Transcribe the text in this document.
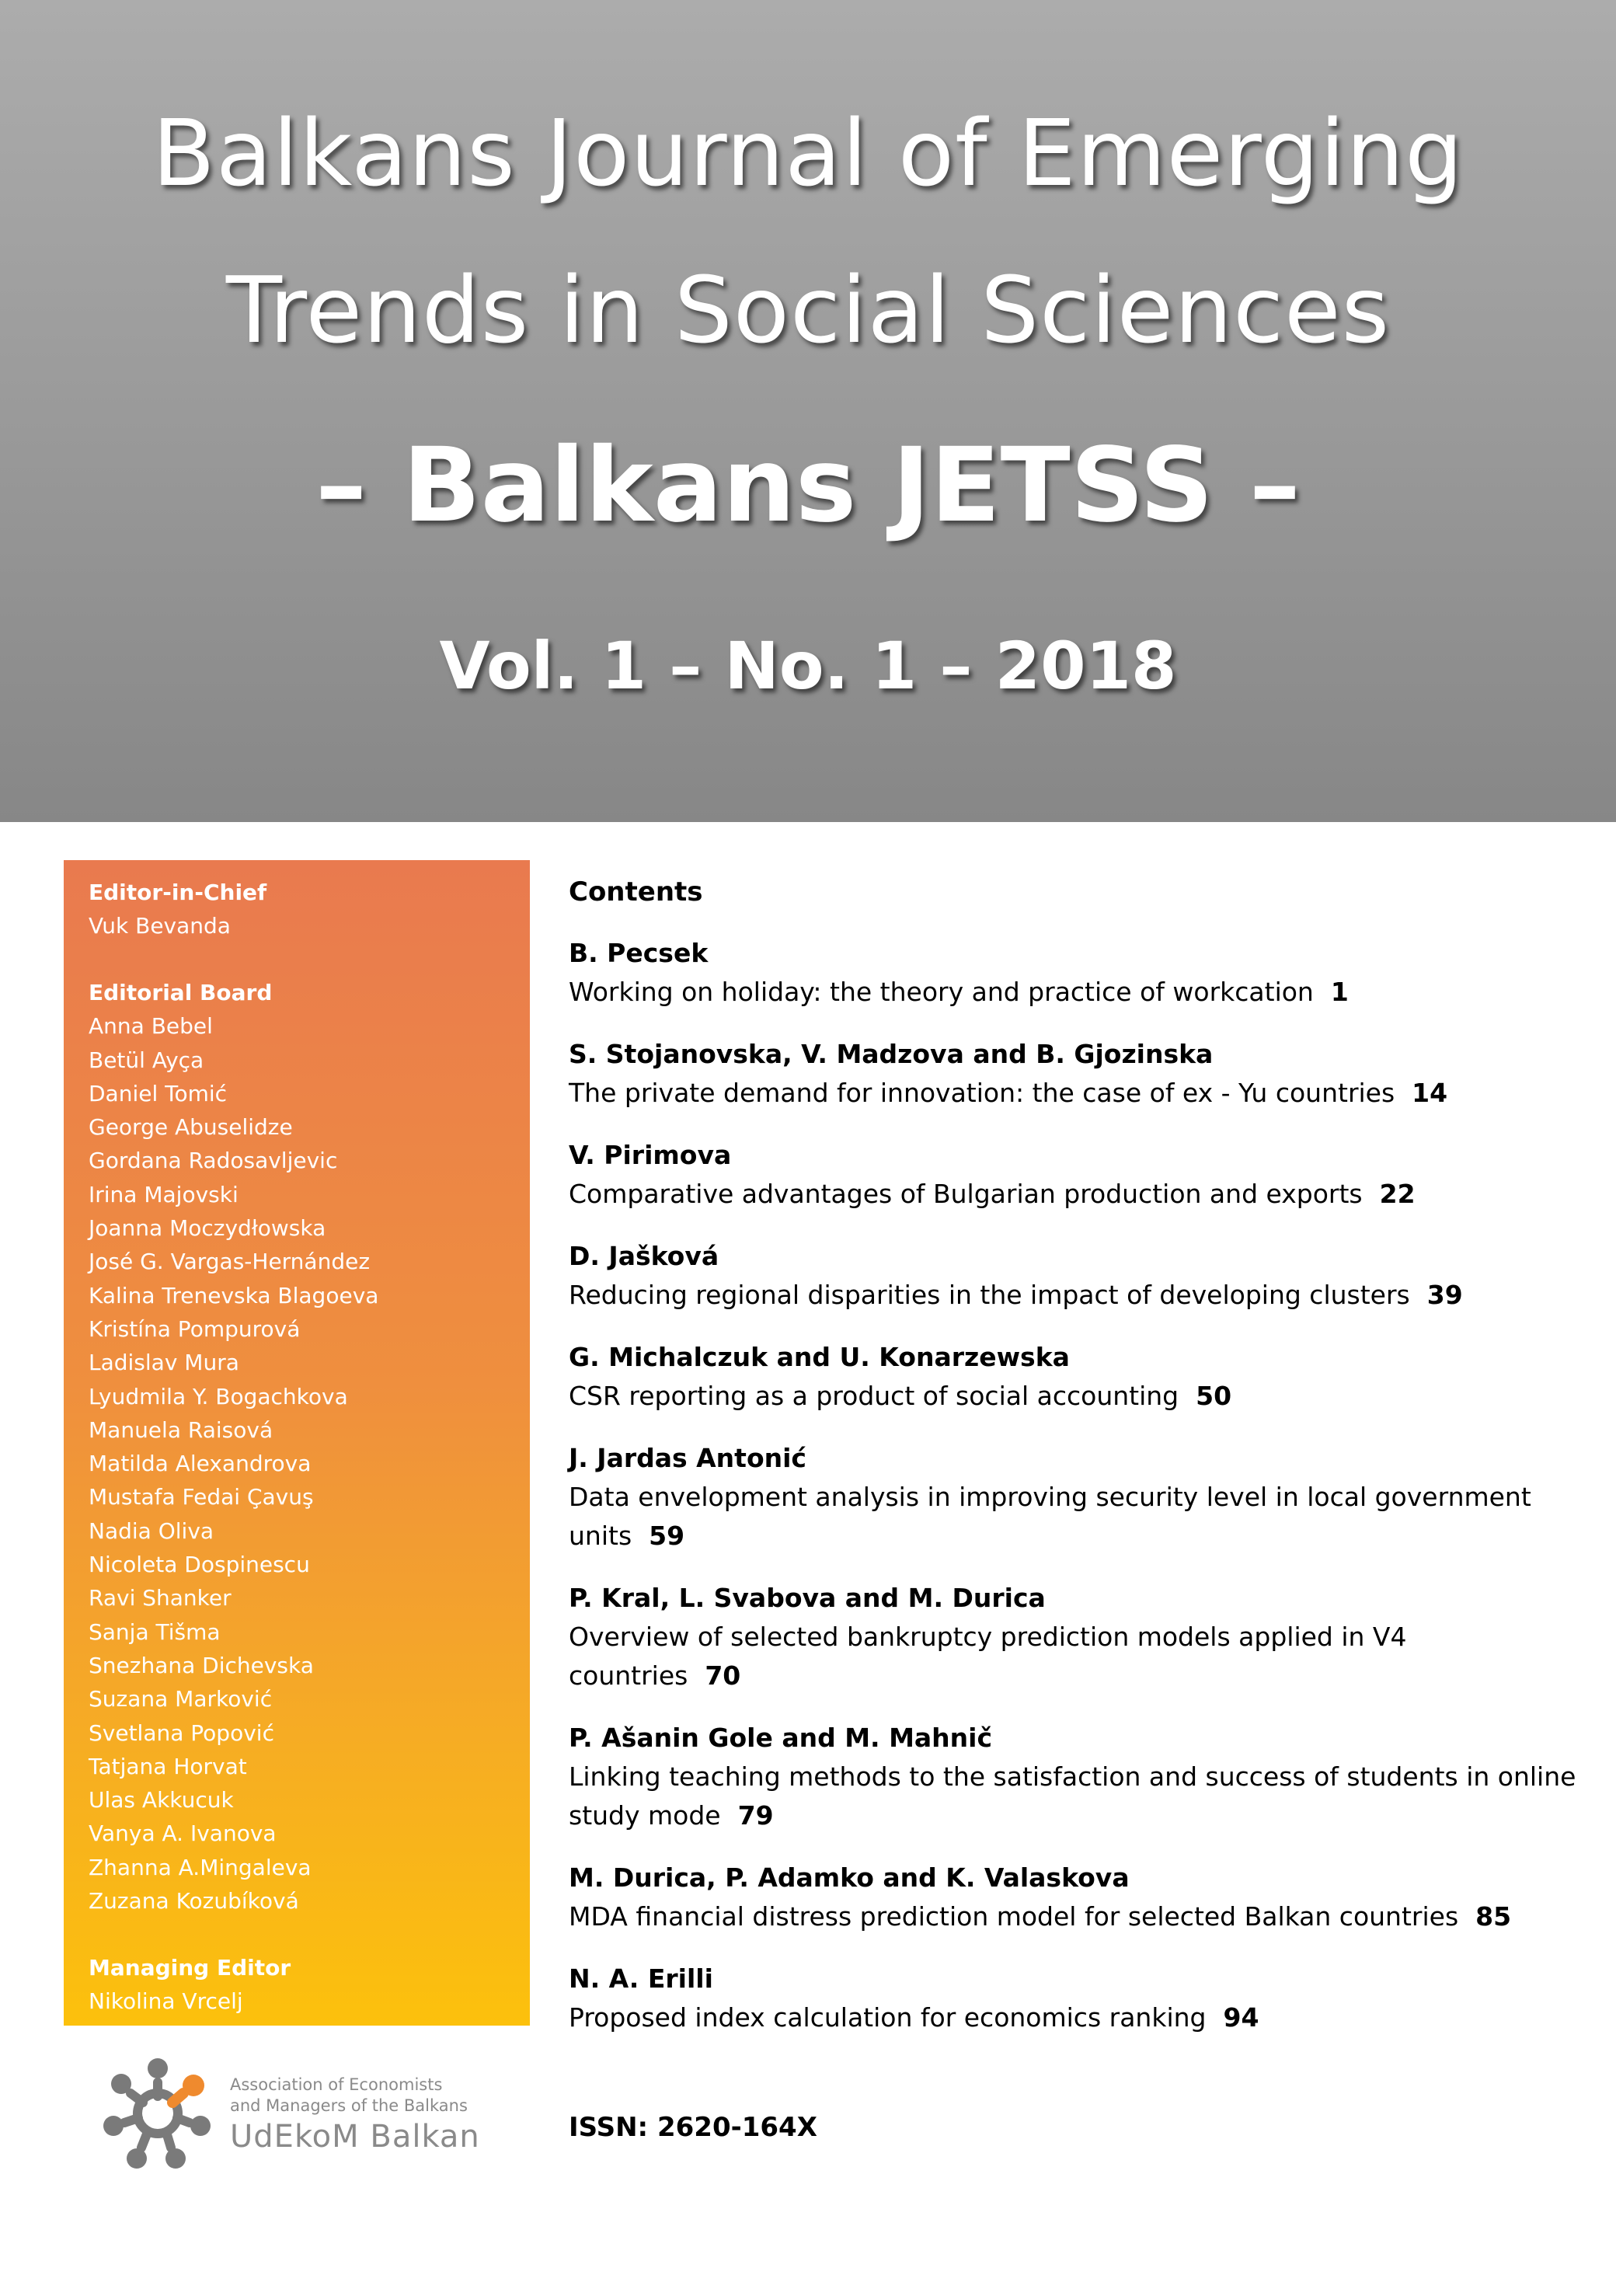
Balkans Journal of Emerging
Trends in Social Sciences
– Balkans JETSS –
Vol. 1 – No. 1 – 2018
Editor-in-Chief
Vuk Bevanda
Editorial Board
Anna Bebel
Betül Ayça
Daniel Tomić
George Abuselidze
Gordana Radosavljevic
Irina Majovski
Joanna Moczydłowska
José G. Vargas-Hernández
Kalina Trenevska Blagoeva
Kristína Pompurová
Ladislav Mura
Lyudmila Y. Bogachkova
Manuela Raisová
Matilda Alexandrova
Mustafa Fedai Çavuş
Nadia Oliva
Nicoleta Dospinescu
Ravi Shanker
Sanja Tišma
Snezhana Dichevska
Suzana Marković
Svetlana Popović
Tatjana Horvat
Ulas Akkucuk
Vanya A. Ivanova
Zhanna A.Mingaleva
Zuzana Kozubíková
Managing Editor
Nikolina Vrcelj
Contents
B. Pecsek
Working on holiday: the theory and practice of workcation 1
S. Stojanovska, V. Madzova and B. Gjozinska
The private demand for innovation: the case of ex - Yu countries 14
V. Pirimova
Comparative advantages of Bulgarian production and exports 22
D. Jašková
Reducing regional disparities in the impact of developing clusters 39
G. Michalczuk and U. Konarzewska
CSR reporting as a product of social accounting 50
J. Jardas Antonić
Data envelopment analysis in improving security level in local government units 59
P. Kral, L. Svabova and M. Durica
Overview of selected bankruptcy prediction models applied in V4 countries 70
P. Ašanin Gole and M. Mahnič
Linking teaching methods to the satisfaction and success of students in online study mode 79
M. Durica, P. Adamko and K. Valaskova
MDA financial distress prediction model for selected Balkan countries 85
N. A. Erilli
Proposed index calculation for economics ranking 94
Association of Economists
and Managers of the Balkans
UdEkoM Balkan	ISSN: 2620-164X
